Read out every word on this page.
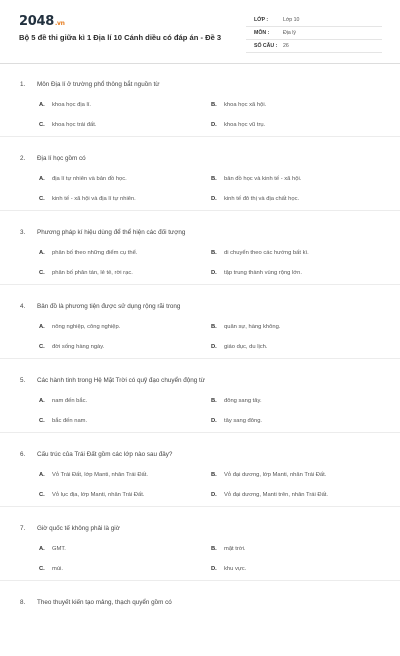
2048.vn
Bộ 5 đề thi giữa kì 1 Địa lí 10 Cánh diều có đáp án - Đề 3
LỚP :	Lớp 10
MÔN :	Địa lý
SỐ CÂU : 26
1. Môn Địa lí ở trường phổ thông bắt nguồn từ
A. khoa học địa lí.	B. khoa học xã hội.
C. khoa học trái đất.	D. khoa học vũ trụ.
2. Địa lí học gồm có
A. địa lí tự nhiên và bản đồ học.	B. bản đồ học và kinh tế - xã hội.
C. kinh tế - xã hội và địa lí tự nhiên.	D. kinh tế đô thị và địa chất học.
3. Phương pháp kí hiệu dùng để thể hiện các đối tượng
A. phân bố theo những điểm cụ thể.	B. di chuyển theo các hướng bất kì.
C. phân bố phân tán, lẻ tẻ, rời rạc.	D. tập trung thành vùng rộng lớn.
4. Bản đồ là phương tiện được sử dụng rộng rãi trong
A. nông nghiệp, công nghiệp.	B. quân sự, hàng không.
C. đời sống hàng ngày.	D. giáo dục, du lịch.
5. Các hành tinh trong Hệ Mặt Trời có quỹ đạo chuyển động từ
A. nam đến bắc.	B. đông sang tây.
C. bắc đến nam.	D. tây sang đông.
6. Cấu trúc của Trái Đất gồm các lớp nào sau đây?
A. Vỏ Trái Đất, lớp Manti, nhân Trái Đất.	B. Vỏ đại dương, lớp Manti, nhân Trái Đất.
C. Vỏ lục địa, lớp Manti, nhân Trái Đất.	D. Vỏ đại dương, Manti trên, nhân Trái Đất.
7. Giờ quốc tế không phải là giờ
A. GMT.	B. mặt trời.
C. múi.	D. khu vực.
8. Theo thuyết kiến tạo mảng, thạch quyển gồm có
